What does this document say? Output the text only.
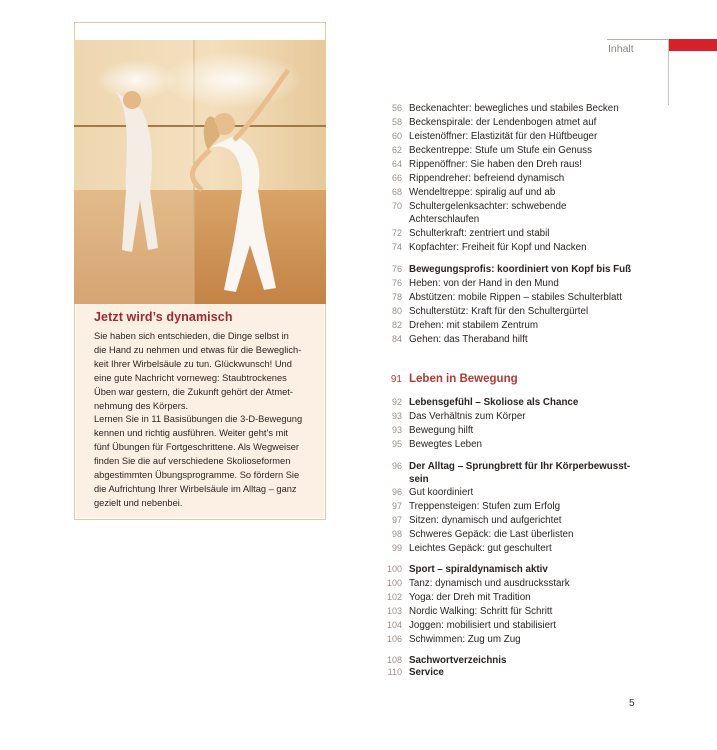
Inhalt
Jetzt wird’s dynamisch

Sie haben sich entschieden, die Dinge selbst in
die Hand zu nehmen und etwas für die Beweglich-
keit Ihrer Wirbelsäule zu tun. Glückwunsch! Und
eine gute Nachricht vorneweg: Staubtrockenes
Üben war gestern, die Zukunft gehört der Atmet-
nehmung des Körpers.
Lernen Sie in 11 Basisübungen die 3-D-Bewegung
kennen und richtig ausführen. Weiter geht’s mit
fünf Übungen für Fortgeschrittene. Als Wegweiser
finden Sie die auf verschiedene Skolioseformen
abgestimmten Übungsprogramme. So fördern Sie
die Aufrichtung Ihrer Wirbelsäule im Alltag – ganz
gezielt und nebenbei.

56 Beckenachter: bewegliches und stabiles Becken
58 Beckenspirale: der Lendenbogen atmet auf
60 Leistenöffner: Elastizität für den Hüftbeuger
62 Beckentreppe: Stufe um Stufe ein Genuss
64 Rippenöffner: Sie haben den Dreh raus!
66 Rippendreher: befreiend dynamisch
68 Wendeltreppe: spiralig auf und ab
70 Schultergelenksachter: schwebende
Achterschlaufen
72 Schulterkraft: zentriert und stabil
74 Kopfachter: Freiheit für Kopf und Nacken
76 Bewegungsprofis: koordiniert von Kopf bis Fuß
76 Heben: von der Hand in den Mund
78 Abstützen: mobile Rippen – stabiles Schulterblatt
80 Schulterstütz: Kraft für den Schultergürtel
82 Drehen: mit stabilem Zentrum
84 Gehen: das Theraband hilft
91 Leben in Bewegung
92 Lebensgefühl – Skoliose als Chance
93 Das Verhältnis zum Körper
93 Bewegung hilft
95 Bewegtes Leben
96 Der Alltag – Sprungbrett für Ihr Körperbewusst-
sein
96 Gut koordiniert
97 Treppensteigen: Stufen zum Erfolg
97 Sitzen: dynamisch und aufgerichtet
98 Schweres Gepäck: die Last überlisten
99 Leichtes Gepäck: gut geschultert
100 Sport – spiraldynamisch aktiv
100 Tanz: dynamisch und ausdrucksstark
102 Yoga: der Dreh mit Tradition
103 Nordic Walking: Schritt für Schritt
104 Joggen: mobilisiert und stabilisiert
106 Schwimmen: Zug um Zug
108 Sachwortverzeichnis
110 Service
5
